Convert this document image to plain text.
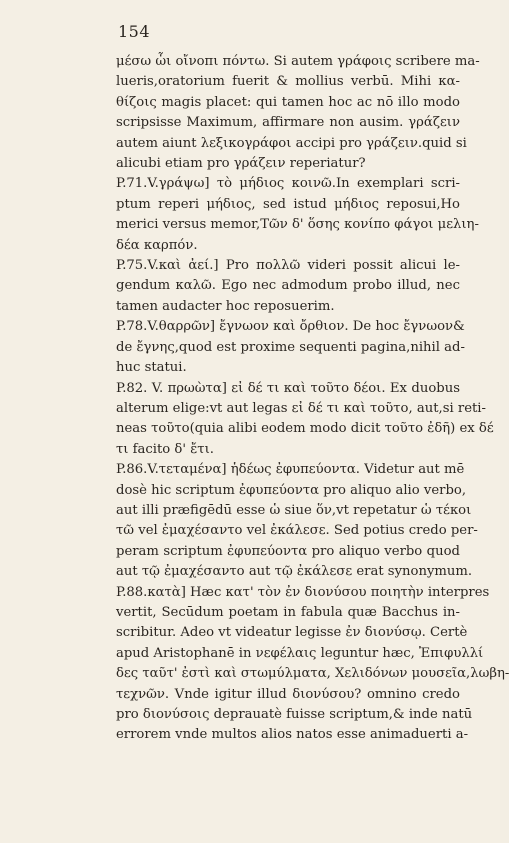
154
μέσω ὧι οἴνοπι πόντω. Si autem γράφοις scribere ma-
lueris,oratorium fuerit & mollius verbū. Mihi κα-
θίζοις magis placet: qui tamen hoc ac nō illo modo
scripsisse Maximum, affirmare non ausim. γράζειν
autem aiunt λεξικογράφοι accipi pro γράζειν.quid si
alicubi etiam pro γράζειν reperiatur?
P.71.V.γράψω] τὸ μήδιος κοινῶ.In exemplari scri-
ptum reperi μήδιος, sed istud μήδιος reposui,Ho
merici versus memor,Τῶν δ' ὅσης κονίπο φάγοι μελιη-
δέα καρπόν.
P.75.V.καὶ ἀεί.] Pro πολλῶ videri possit alicui le-
gendum καλῶ. Ego nec admodum probo illud, nec
tamen audacter hoc reposuerim.
P.78.V.θαρρῶν] ἔγνωον καὶ ὄρθιον. De hoc ἔγνωον&
de ἔγνης,quod est proxime sequenti pagina,nihil ad-
huc statui.
P.82. V. πρωὼτα] εἰ δέ τι καὶ τοῦτο δέοι. Ex duobus
alterum elige:vt aut legas εἰ δέ τι καὶ τοῦτο, aut,si reti-
neas τοῦτο(quia alibi eodem modo dicit τοῦτο ἐδῆ) ex δέ
τι facito δ' ἔτι.
P.86.V.τεταμένα] ἡδέως ἐφυπεύοντα. Videtur aut mē
dosè hic scriptum ἐφυπεύοντα pro aliquo alio verbo,
aut illi præfigēdū esse ὡ siue ὅν,vt repetatur ὡ τέκοι
τῶ vel ἐμαχέσαντο vel ἐκάλεσε. Sed potius credo per-
peram scriptum ἐφυπεύοντα pro aliquo verbo quod
aut τῷ ἐμαχέσαντο aut τῷ ἐκάλεσε erat synonymum.
P.88.κατὰ] Hæc κατ' τὸν ἐν διονύσου ποιητὴν interpres
vertit, Secūdum poetam in fabula quæ Bacchus in-
scribitur. Adeo vt videatur legisse ἐν διονύσῳ. Certè
apud Aristophanē in νεφέλαις leguntur hæc, Ἐπιφυλλί
δες ταῦτ' ἐστὶ καὶ στωμύλματα, Χελιδόνων μουσεῖα,λωβη-
τεχνῶν. Vnde igitur illud διονύσου? omnino credo
pro διονύσοις deprauatè fuisse scriptum,& inde natū
errorem vnde multos alios natos esse animaduerti a-
